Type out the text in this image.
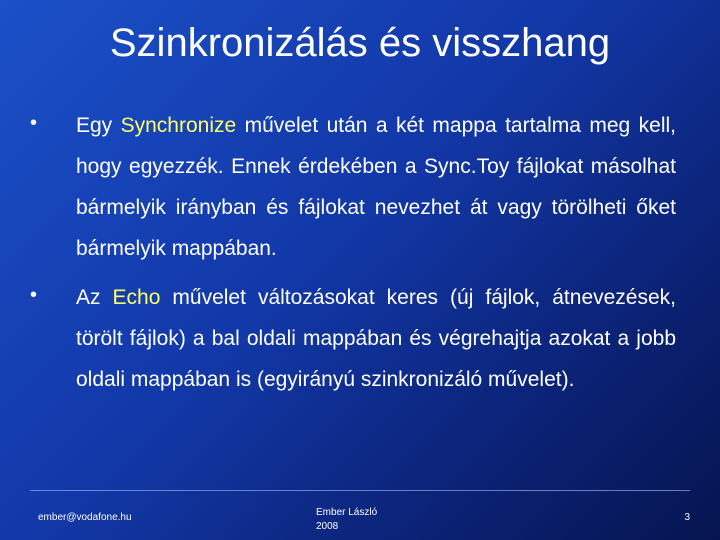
Szinkronizálás és visszhang
• Egy Synchronize művelet után a két mappa tartalma meg kell, hogy egyezzék. Ennek érdekében a Sync.Toy fájlokat másolhat bármelyik irányban és fájlokat nevezhet át vagy törölheti őket bármelyik mappában.
• Az Echo művelet változásokat keres (új fájlok, átnevezések, törölt fájlok) a bal oldali mappában és végrehajtja azokat a jobb oldali mappában is (egyirányú szinkronizáló művelet).
ember@vodafone.hu	Ember László
2008
3
